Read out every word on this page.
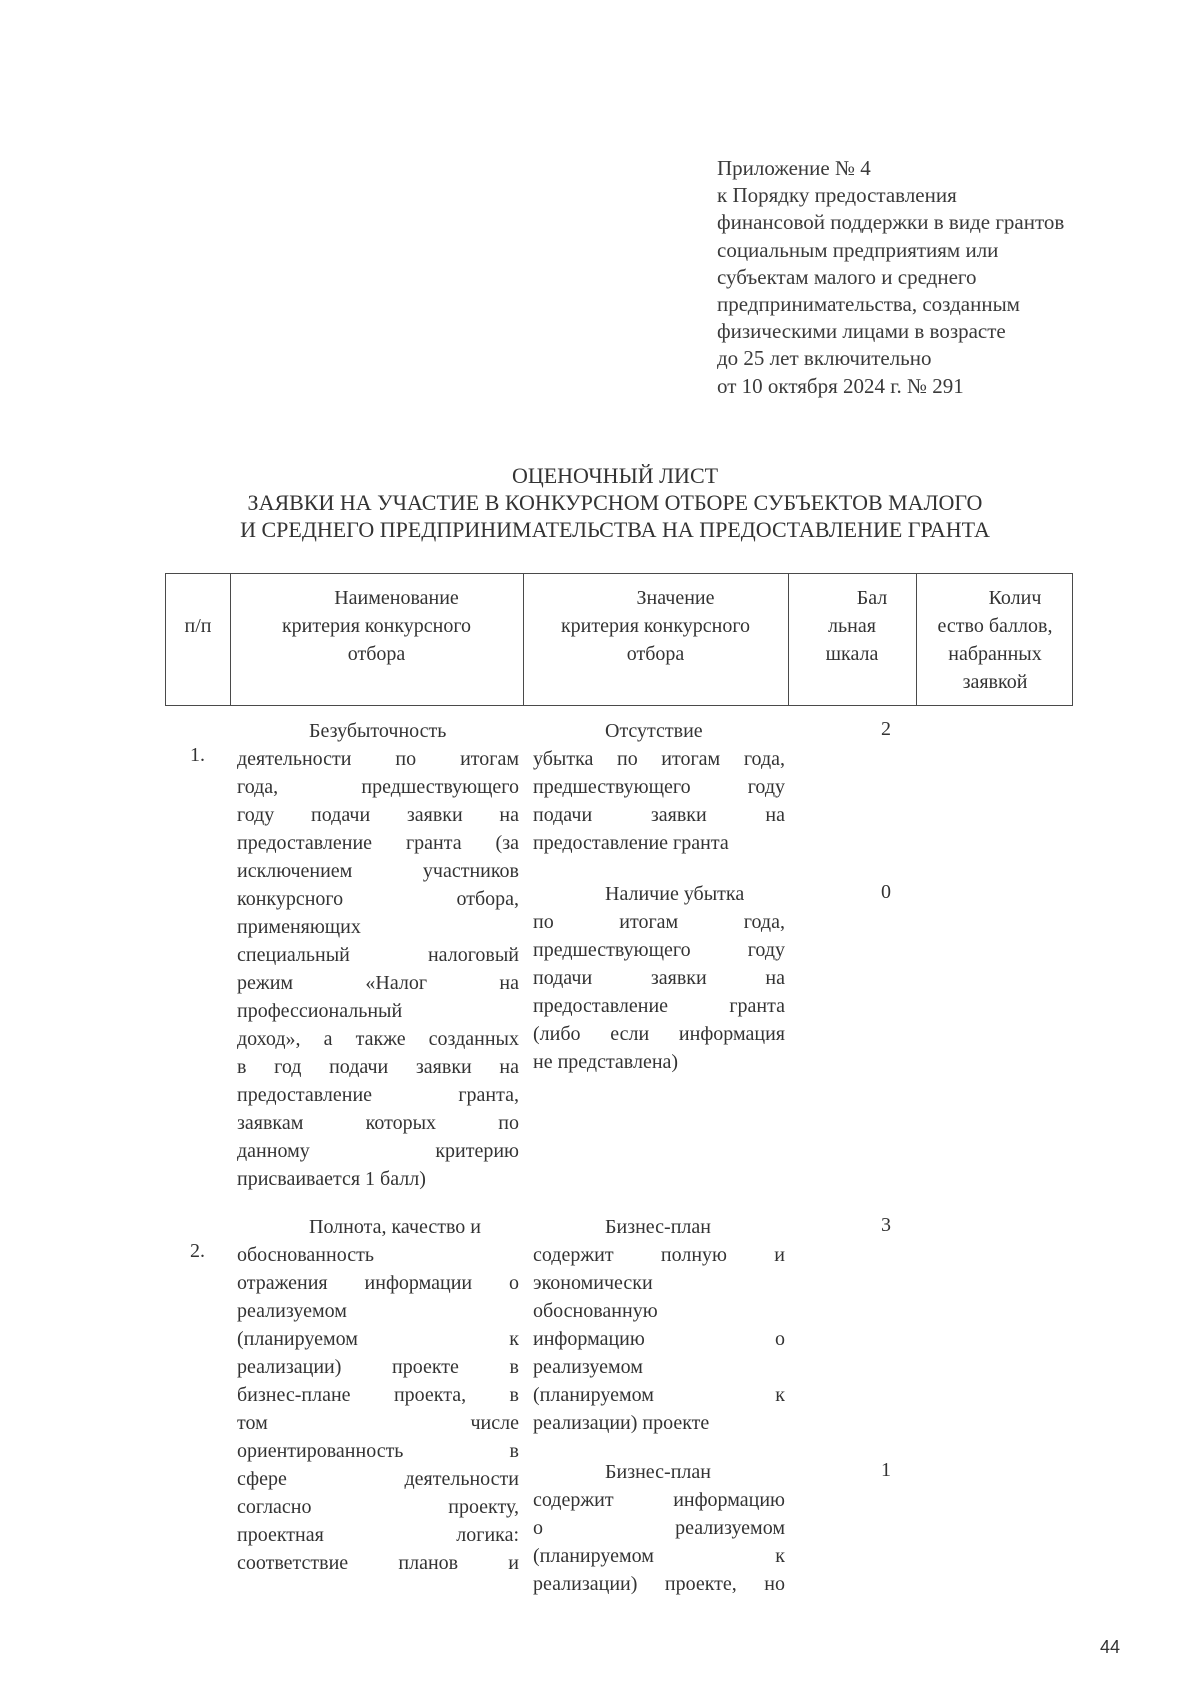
Приложение № 4
к Порядку предоставления
финансовой поддержки в виде грантов
социальным предприятиям или
субъектам малого и среднего
предпринимательства, созданным
физическими лицами в возрасте
до 25 лет включительно
от 10 октября 2024 г. № 291
ОЦЕНОЧНЫЙ ЛИСТ
ЗАЯВКИ НА УЧАСТИЕ В КОНКУРСНОМ ОТБОРЕ СУБЪЕКТОВ МАЛОГО
И СРЕДНЕГО ПРЕДПРИНИМАТЕЛЬСТВА НА ПРЕДОСТАВЛЕНИЕ ГРАНТА
п/п
Наименование
критерия конкурсного
отбора
Значение
критерия конкурсного
отбора
Бал
льная
шкала
Колич
ество баллов,
набранных
заявкой
1.
Безубыточность
деятельности по итогам
года, предшествующего
году подачи заявки на
предоставление гранта (за
исключением участников
конкурсного отбора,
применяющих
специальный налоговый
режим «Налог на
профессиональный
доход», а также созданных
в год подачи заявки на
предоставление гранта,
заявкам которых по
данному критерию
присваивается 1 балл)
Отсутствие
убытка по итогам года,
предшествующего году
подачи заявки на
предоставление гранта
2
Наличие убытка
по итогам года,
предшествующего году
подачи заявки на
предоставление гранта
(либо если информация
не представлена)
0
2.
Полнота, качество и
обоснованность
отражения информации о
реализуемом
(планируемом к
реализации) проекте в
бизнес-плане проекта, в
том числе
ориентированность в
сфере деятельности
согласно проекту,
проектная логика:
соответствие планов и
Бизнес-план
содержит полную и
экономически
обоснованную
информацию о
реализуемом
(планируемом к
реализации) проекте
3
Бизнес-план
содержит информацию
о реализуемом
(планируемом к
реализации) проекте, но
1
44
